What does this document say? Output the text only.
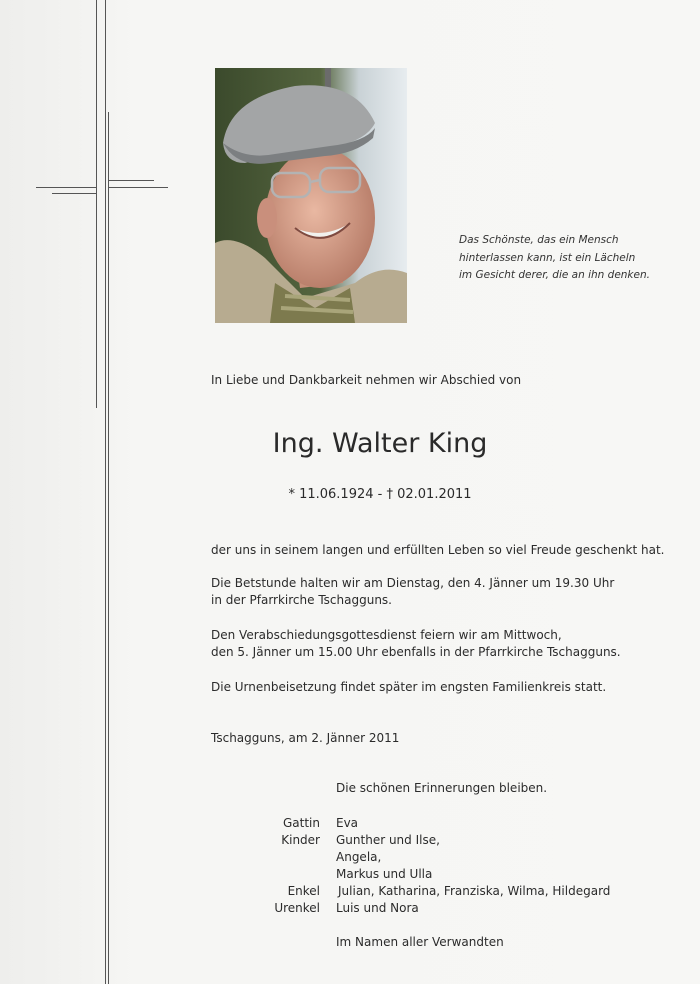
Das Schönste, das ein Mensch
hinterlassen kann, ist ein Lächeln
im Gesicht derer, die an ihn denken.
In Liebe und Dankbarkeit nehmen wir Abschied von
Ing. Walter King
* 11.06.1924 - † 02.01.2011
der uns in seinem langen und erfüllten Leben so viel Freude geschenkt hat.
Die Betstunde halten wir am Dienstag, den 4. Jänner um 19.30 Uhr
in der Pfarrkirche Tschagguns.
Den Verabschiedungsgottesdienst feiern wir am Mittwoch,
den 5. Jänner um 15.00 Uhr ebenfalls in der Pfarrkirche Tschagguns.
Die Urnenbeisetzung findet später im engsten Familienkreis statt.
Tschagguns, am 2. Jänner 2011
Die schönen Erinnerungen bleiben.
Gattin Eva
Kinder Gunther und Ilse,
Angela,
Markus und Ulla
Enkel Julian, Katharina, Franziska, Wilma, Hildegard
Urenkel Luis und Nora
Im Namen aller Verwandten
